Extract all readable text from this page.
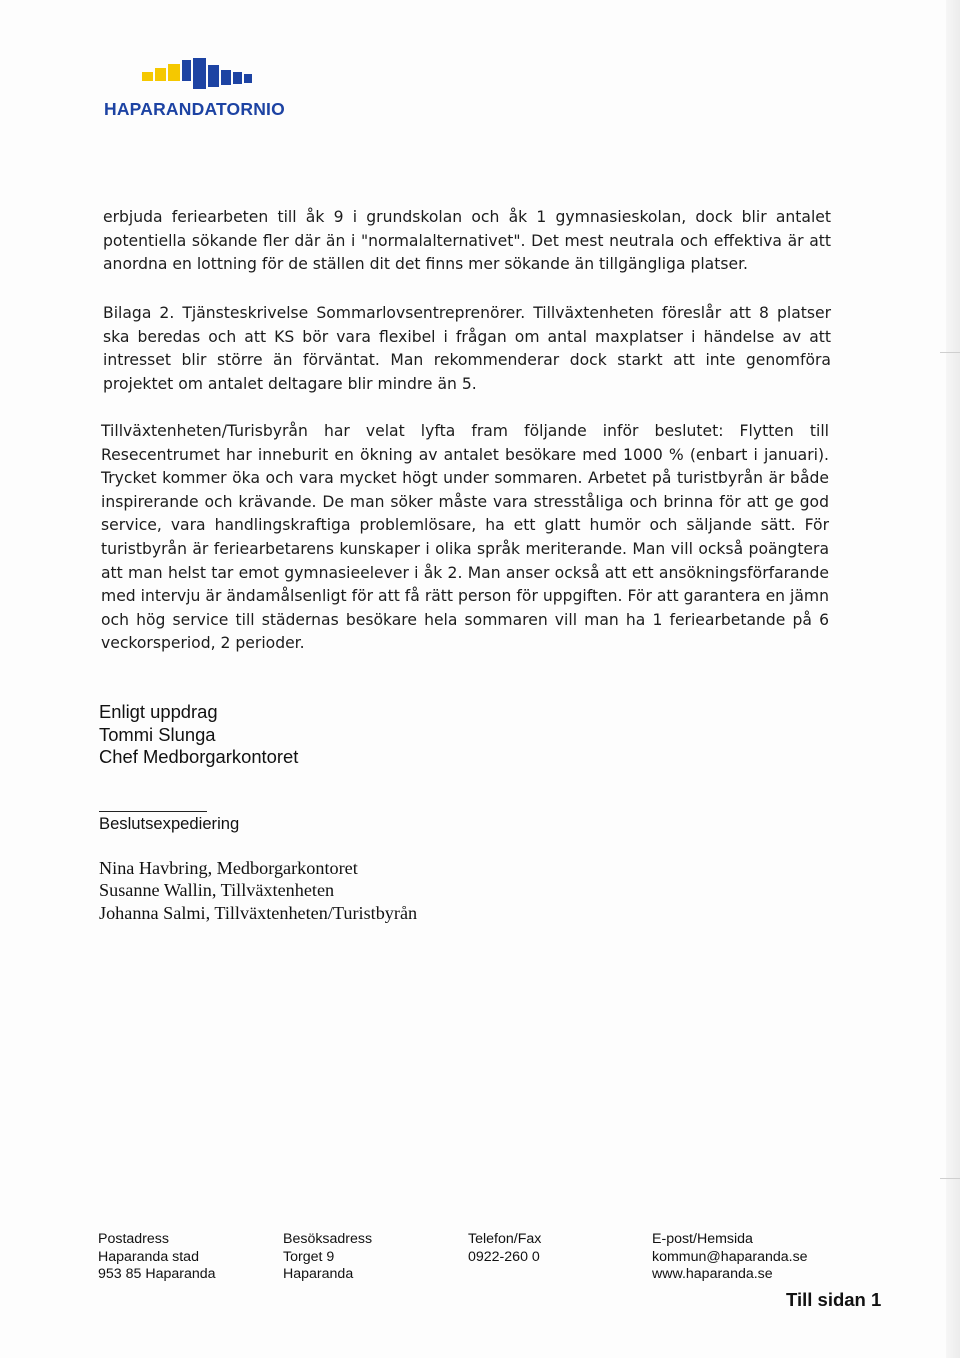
HAPARANDATORNIO
erbjuda feriearbeten till åk 9 i grundskolan och åk 1 gymnasieskolan, dock blir antalet potentiella sökande fler där än i "normalalternativet". Det mest neutrala och effektiva är att anordna en lottning för de ställen dit det finns mer sökande än tillgängliga platser.
Bilaga 2. Tjänsteskrivelse Sommarlovsentreprenörer. Tillväxtenheten föreslår att 8 platser ska beredas och att KS bör vara flexibel i frågan om antal maxplatser i händelse av att intresset blir större än förväntat. Man rekommenderar dock starkt att inte genomföra projektet om antalet deltagare blir mindre än 5.
Tillväxtenheten/Turisbyrån har velat lyfta fram följande inför beslutet: Flytten till Resecentrumet har inneburit en ökning av antalet besökare med 1000 % (enbart i januari). Trycket kommer öka och vara mycket högt under sommaren. Arbetet på turistbyrån är både inspirerande och krävande. De man söker måste vara stresståliga och brinna för att ge god service, vara handlingskraftiga problemlösare, ha ett glatt humör och säljande sätt. För turistbyrån är feriearbetarens kunskaper i olika språk meriterande. Man vill också poängtera att man helst tar emot gymnasieelever i åk 2. Man anser också att ett ansökningsförfarande med intervju är ändamålsenligt för att få rätt person för uppgiften. För att garantera en jämn och hög service till städernas besökare hela sommaren vill man ha 1 feriearbetande på 6 veckorsperiod, 2 perioder.
Enligt uppdrag
Tommi Slunga
Chef Medborgarkontoret
Beslutsexpediering
Nina Havbring, Medborgarkontoret
Susanne Wallin, Tillväxtenheten
Johanna Salmi, Tillväxtenheten/Turistbyrån
Postadress
Haparanda stad
953 85 Haparanda
Besöksadress
Torget 9
Haparanda
Telefon/Fax
0922-260 0
E-post/Hemsida
kommun@haparanda.se
www.haparanda.se
Till sidan 1
